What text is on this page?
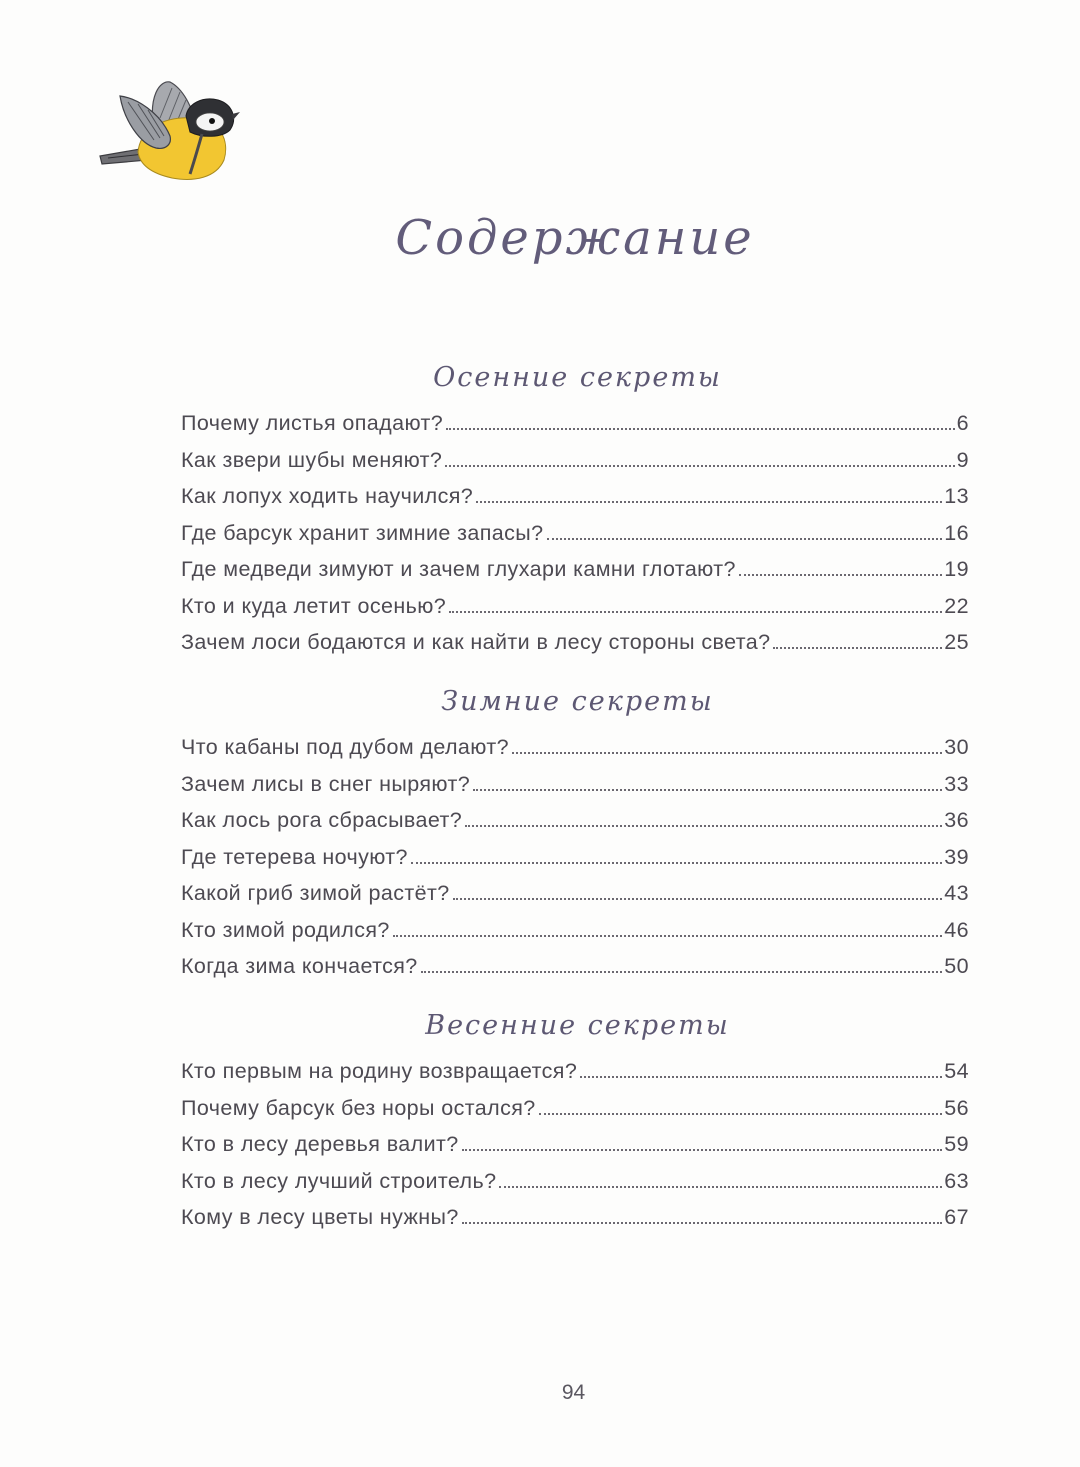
Содержание
Осенние секреты
Почему листья опадают?	6
Как звери шубы меняют?	9
Как лопух ходить научился?	13
Где барсук хранит зимние запасы?	16
Где медведи зимуют и зачем глухари камни глотают?	19
Кто и куда летит осенью?	22
Зачем лоси бодаются и как найти в лесу стороны света?	25
Зимние секреты
Что кабаны под дубом делают?	30
Зачем лисы в снег ныряют?	33
Как лось рога сбрасывает?	36
Где тетерева ночуют?	39
Какой гриб зимой растёт?	43
Кто зимой родился?	46
Когда зима кончается?	50
Весенние секреты
Кто первым на родину возвращается?	54
Почему барсук без норы остался?	56
Кто в лесу деревья валит?	59
Кто в лесу лучший строитель?	63
Кому в лесу цветы нужны?	67
94
